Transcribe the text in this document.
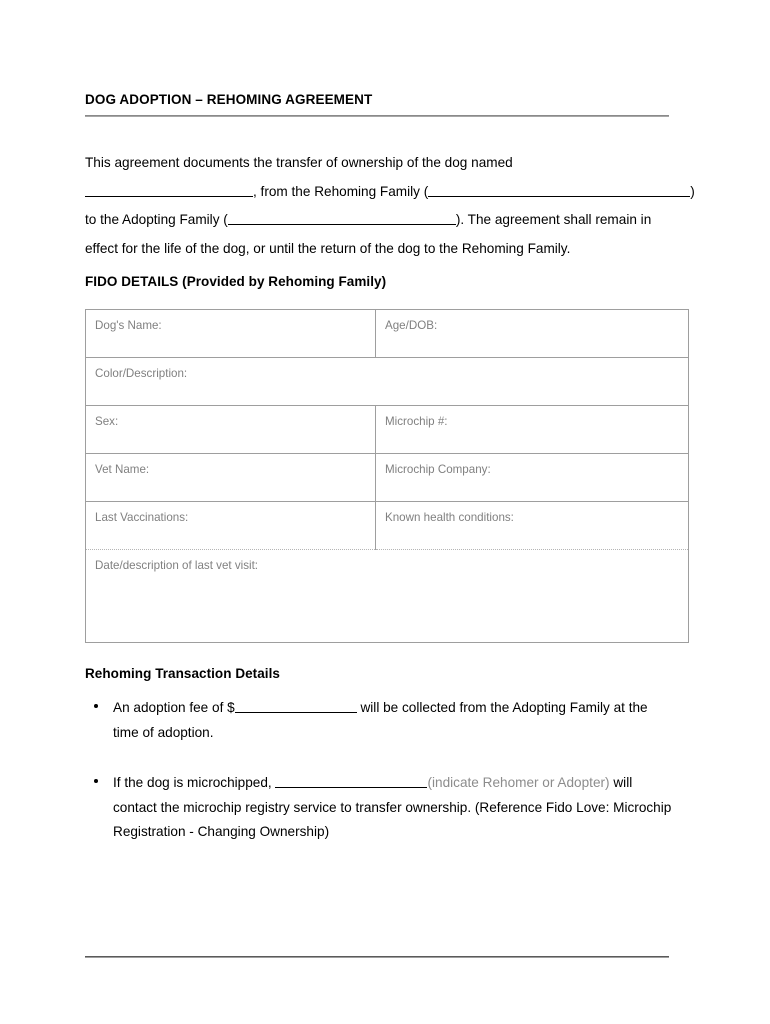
DOG ADOPTION – REHOMING AGREEMENT
This agreement documents the transfer of ownership of the dog named
, from the Rehoming Family (	)
to the Adopting Family (	). The agreement shall remain in
effect for the life of the dog, or until the return of the dog to the Rehoming Family.
FIDO DETAILS (Provided by Rehoming Family)
Dog's Name:	Age/DOB:
Color/Description:	
Sex:	Microchip #:
Vet Name:	Microchip Company:
Last Vaccinations:	Known health conditions:
Date/description of last vet visit:	
Rehoming Transaction Details
An adoption fee of $	will be collected from the Adopting Family at the time of adoption.
If the dog is microchipped,	(indicate Rehomer or Adopter) will contact the microchip registry service to transfer ownership. (Reference Fido Love: Microchip Registration - Changing Ownership)
